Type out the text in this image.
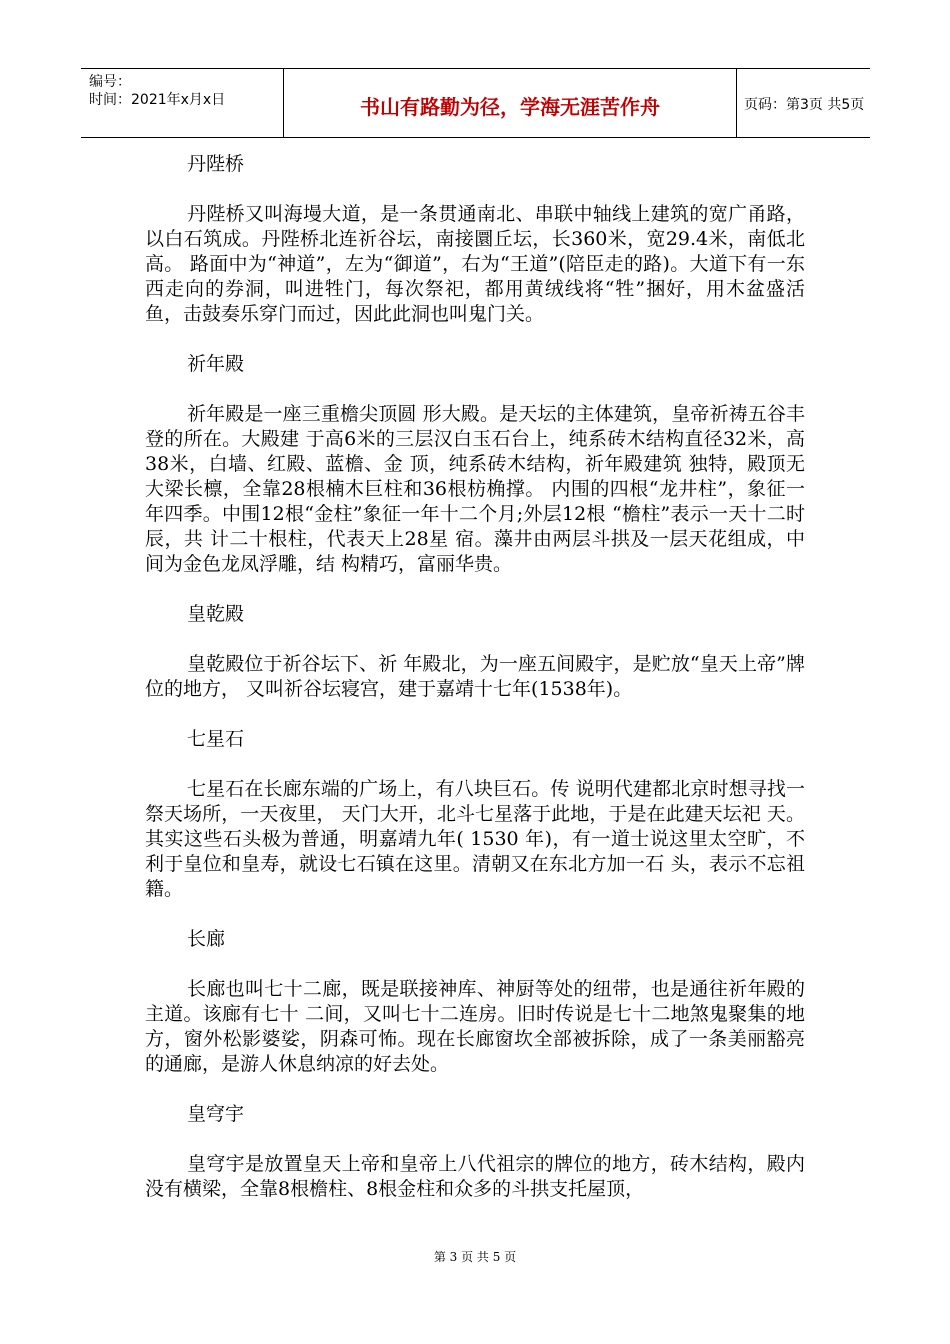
编号：
时间：2021年x月x日	书山有路勤为径，学海无涯苦作舟	页码：第3页 共5页

丹陛桥

丹陛桥又叫海墁大道，是一条贯通南北、串联中轴线上建筑的宽广甬路，以白石筑成。丹陛桥北连祈谷坛，南接圜丘坛，长360米，宽29.4米，南低北高。 路面中为“神道”，左为“御道”，右为“王道”(陪臣走的路)。大道下有一东西走向的券洞，叫进牲门，每次祭祀，都用黄绒线将“牲”捆好，用木盆盛活鱼，击鼓奏乐穿门而过，因此此洞也叫鬼门关。

祈年殿

祈年殿是一座三重檐尖顶圆 形大殿。是天坛的主体建筑，皇帝祈祷五谷丰登的所在。大殿建 于高6米的三层汉白玉石台上，纯系砖木结构直径32米，高 38米，白墙、红殿、蓝檐、金 顶，纯系砖木结构，祈年殿建筑 独特，殿顶无大梁长檩，全靠28根楠木巨柱和36根枋桷撑。 内围的四根“龙井柱”，象征一年四季。中围12根“金柱”象征一年十二个月;外层12根 “檐柱”表示一天十二时辰，共 计二十根柱，代表天上28星 宿。藻井由两层斗拱及一层天花组成，中间为金色龙凤浮雕，结 构精巧，富丽华贵。

皇乾殿

皇乾殿位于祈谷坛下、祈 年殿北，为一座五间殿宇，是贮放“皇天上帝”牌位的地方， 又叫祈谷坛寝宫，建于嘉靖十七年(1538年)。

七星石

七星石在长廊东端的广场上，有八块巨石。传 说明代建都北京时想寻找一祭天场所，一天夜里， 天门大开，北斗七星落于此地，于是在此建天坛祀 天。其实这些石头极为普通，明嘉靖九年( 1530 年)，有一道士说这里太空旷，不利于皇位和皇寿，就设七石镇在这里。清朝又在东北方加一石 头，表示不忘祖籍。

长廊

长廊也叫七十二廊，既是联接神库、神厨等处的纽带，也是通往祈年殿的主道。该廊有七十 二间，又叫七十二连房。旧时传说是七十二地煞鬼聚集的地方，窗外松影婆娑，阴森可怖。现在长廊窗坎全部被拆除，成了一条美丽豁亮的通廊，是游人休息纳凉的好去处。

皇穹宇

皇穹宇是放置皇天上帝和皇帝上八代祖宗的牌位的地方，砖木结构，殿内没有横梁，全靠8根檐柱、8根金柱和众多的斗拱支托屋顶，

第 3 页 共 5 页
